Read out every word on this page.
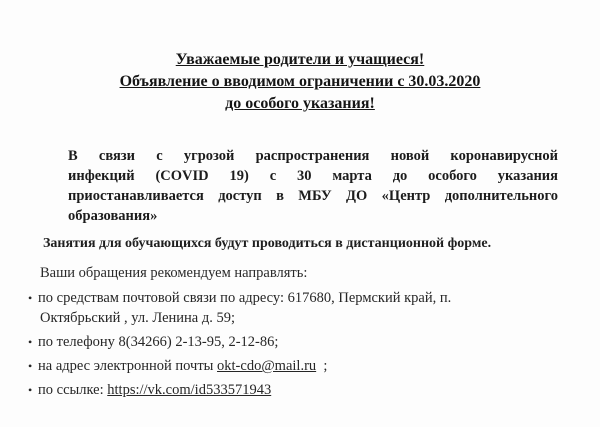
Уважаемые родители и учащиеся!
Объявление о вводимом ограничении с 30.03.2020
до особого указания!
В связи с угрозой распространения новой коронавирусной
инфекций (COVID 19) с 30 марта до особого указания
приостанавливается доступ в МБУ ДО «Центр дополнительного
образования»
Занятия для обучающихся будут проводиться в дистанционной форме.
Ваши обращения рекомендуем направлять:
• по средствам почтовой связи по адресу: 617680, Пермский край, п.
Октябрьский , ул. Ленина д. 59;
• по телефону 8(34266) 2-13-95, 2-12-86;
• на адрес электронной почты okt-cdo@mail.ru  ;
• по ссылке: https://vk.com/id533571943
